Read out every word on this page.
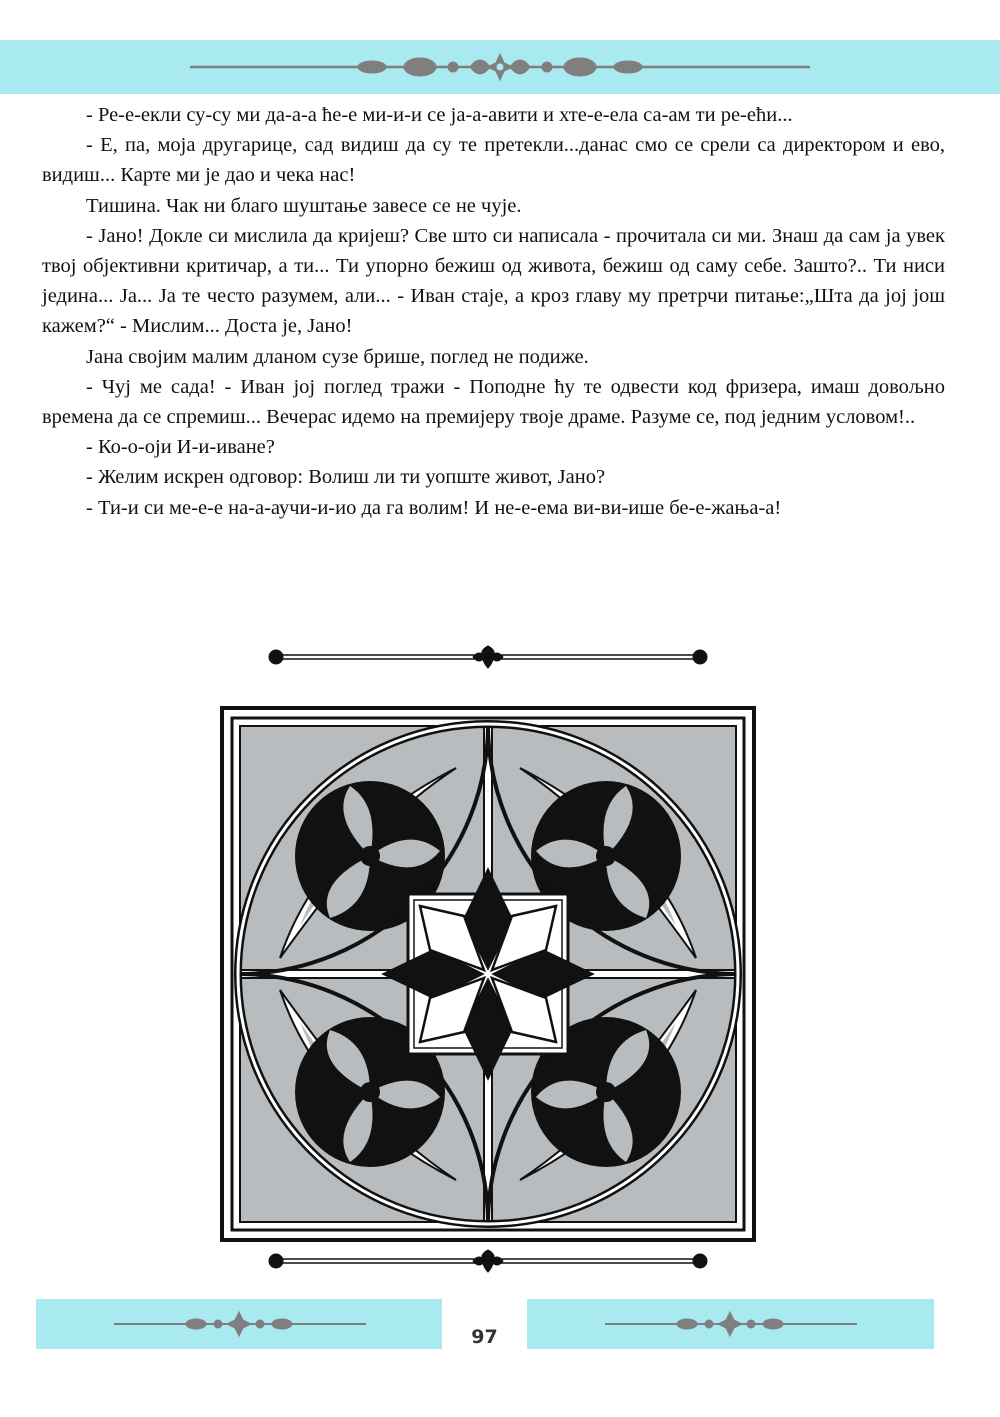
- Ре-е-екли су-су ми да-а-а ће-е ми-и-и се ја-а-авити и хте-е-ела са-ам ти ре-ећи...

- Е, па, моја другарице, сад видиш да су те претекли...данас смо се срели са директором и ево, видиш... Карте ми је дао и чека нас!

Тишина. Чак ни благо шуштање завесе се не чује.

- Јано! Докле си мислила да кријеш? Све што си написала - прочитала си ми. Знаш да сам ја увек твој објективни критичар, а ти... Ти упорно бежиш од живота, бежиш од саму себе. Зашто?.. Ти ниси једина... Ја... Ја те често разумем, али... - Иван стаје, а кроз главу му претрчи питање:„Шта да јој још кажем?“ - Мислим... Доста је, Јано!

Јана својим малим дланом сузе брише, поглед не подиже.

- Чуј ме сада! - Иван јој поглед тражи - Поподне ћу те одвести код фризера, имаш довољно времена да се спремиш... Вечерас идемо на премијеру твоје драме. Разуме се, под једним условом!..

- Ко-о-оји И-и-иване?

- Желим искрен одговор: Волиш ли ти уопште живот, Јано?

- Ти-и си ме-е-е на-а-аучи-и-ио да га волим! И не-е-ема ви-ви-ише бе-е-жања-а!

97
